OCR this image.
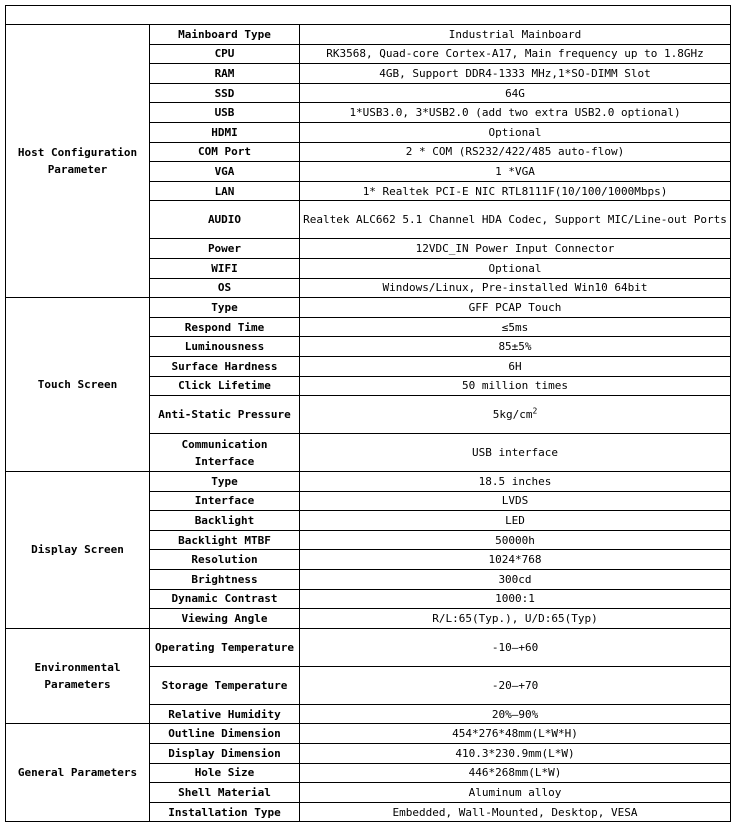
Host Configuration Parameter	Mainboard Type	Industrial Mainboard
	CPU	RK3568, Quad-core Cortex-A17, Main frequency up to 1.8GHz
	RAM	4GB, Support DDR4-1333 MHz,1*SO-DIMM Slot
	SSD	64G
	USB	1*USB3.0, 3*USB2.0 (add two extra USB2.0 optional)
	HDMI	Optional
	COM Port	2 * COM (RS232/422/485 auto-flow)
	VGA	1 *VGA
	LAN	1* Realtek PCI-E NIC RTL8111F(10/100/1000Mbps)
	AUDIO	Realtek ALC662 5.1 Channel HDA Codec, Support MIC/Line-out Ports
	Power	12VDC_IN Power Input Connector
	WIFI	Optional
	OS	Windows/Linux, Pre-installed Win10 64bit
Touch Screen	Type	GFF PCAP Touch
	Respond Time	≤5ms
	Luminousness	85±5%
	Surface Hardness	6H
	Click Lifetime	50 million times
	Anti-Static Pressure	$5kg/cm^2$
	Communication Interface	USB interface
Display Screen	Type	18.5 inches
	Interface	LVDS
	Backlight	LED
	Backlight MTBF	50000h
	Resolution	1024*768
	Brightness	300cd
	Dynamic Contrast	1000:1
	Viewing Angle	R/L:65(Typ.), U/D:65(Typ)
Environmental Parameters	Operating Temperature	-10—+60
	Storage Temperature	-20—+70
	Relative Humidity	20%—90%
General Parameters	Outline Dimension	454*276*48mm(L*W*H)
	Display Dimension	410.3*230.9mm(L*W)
	Hole Size	446*268mm(L*W)
	Shell Material	Aluminum alloy
	Installation Type	Embedded, Wall-Mounted, Desktop, VESA
